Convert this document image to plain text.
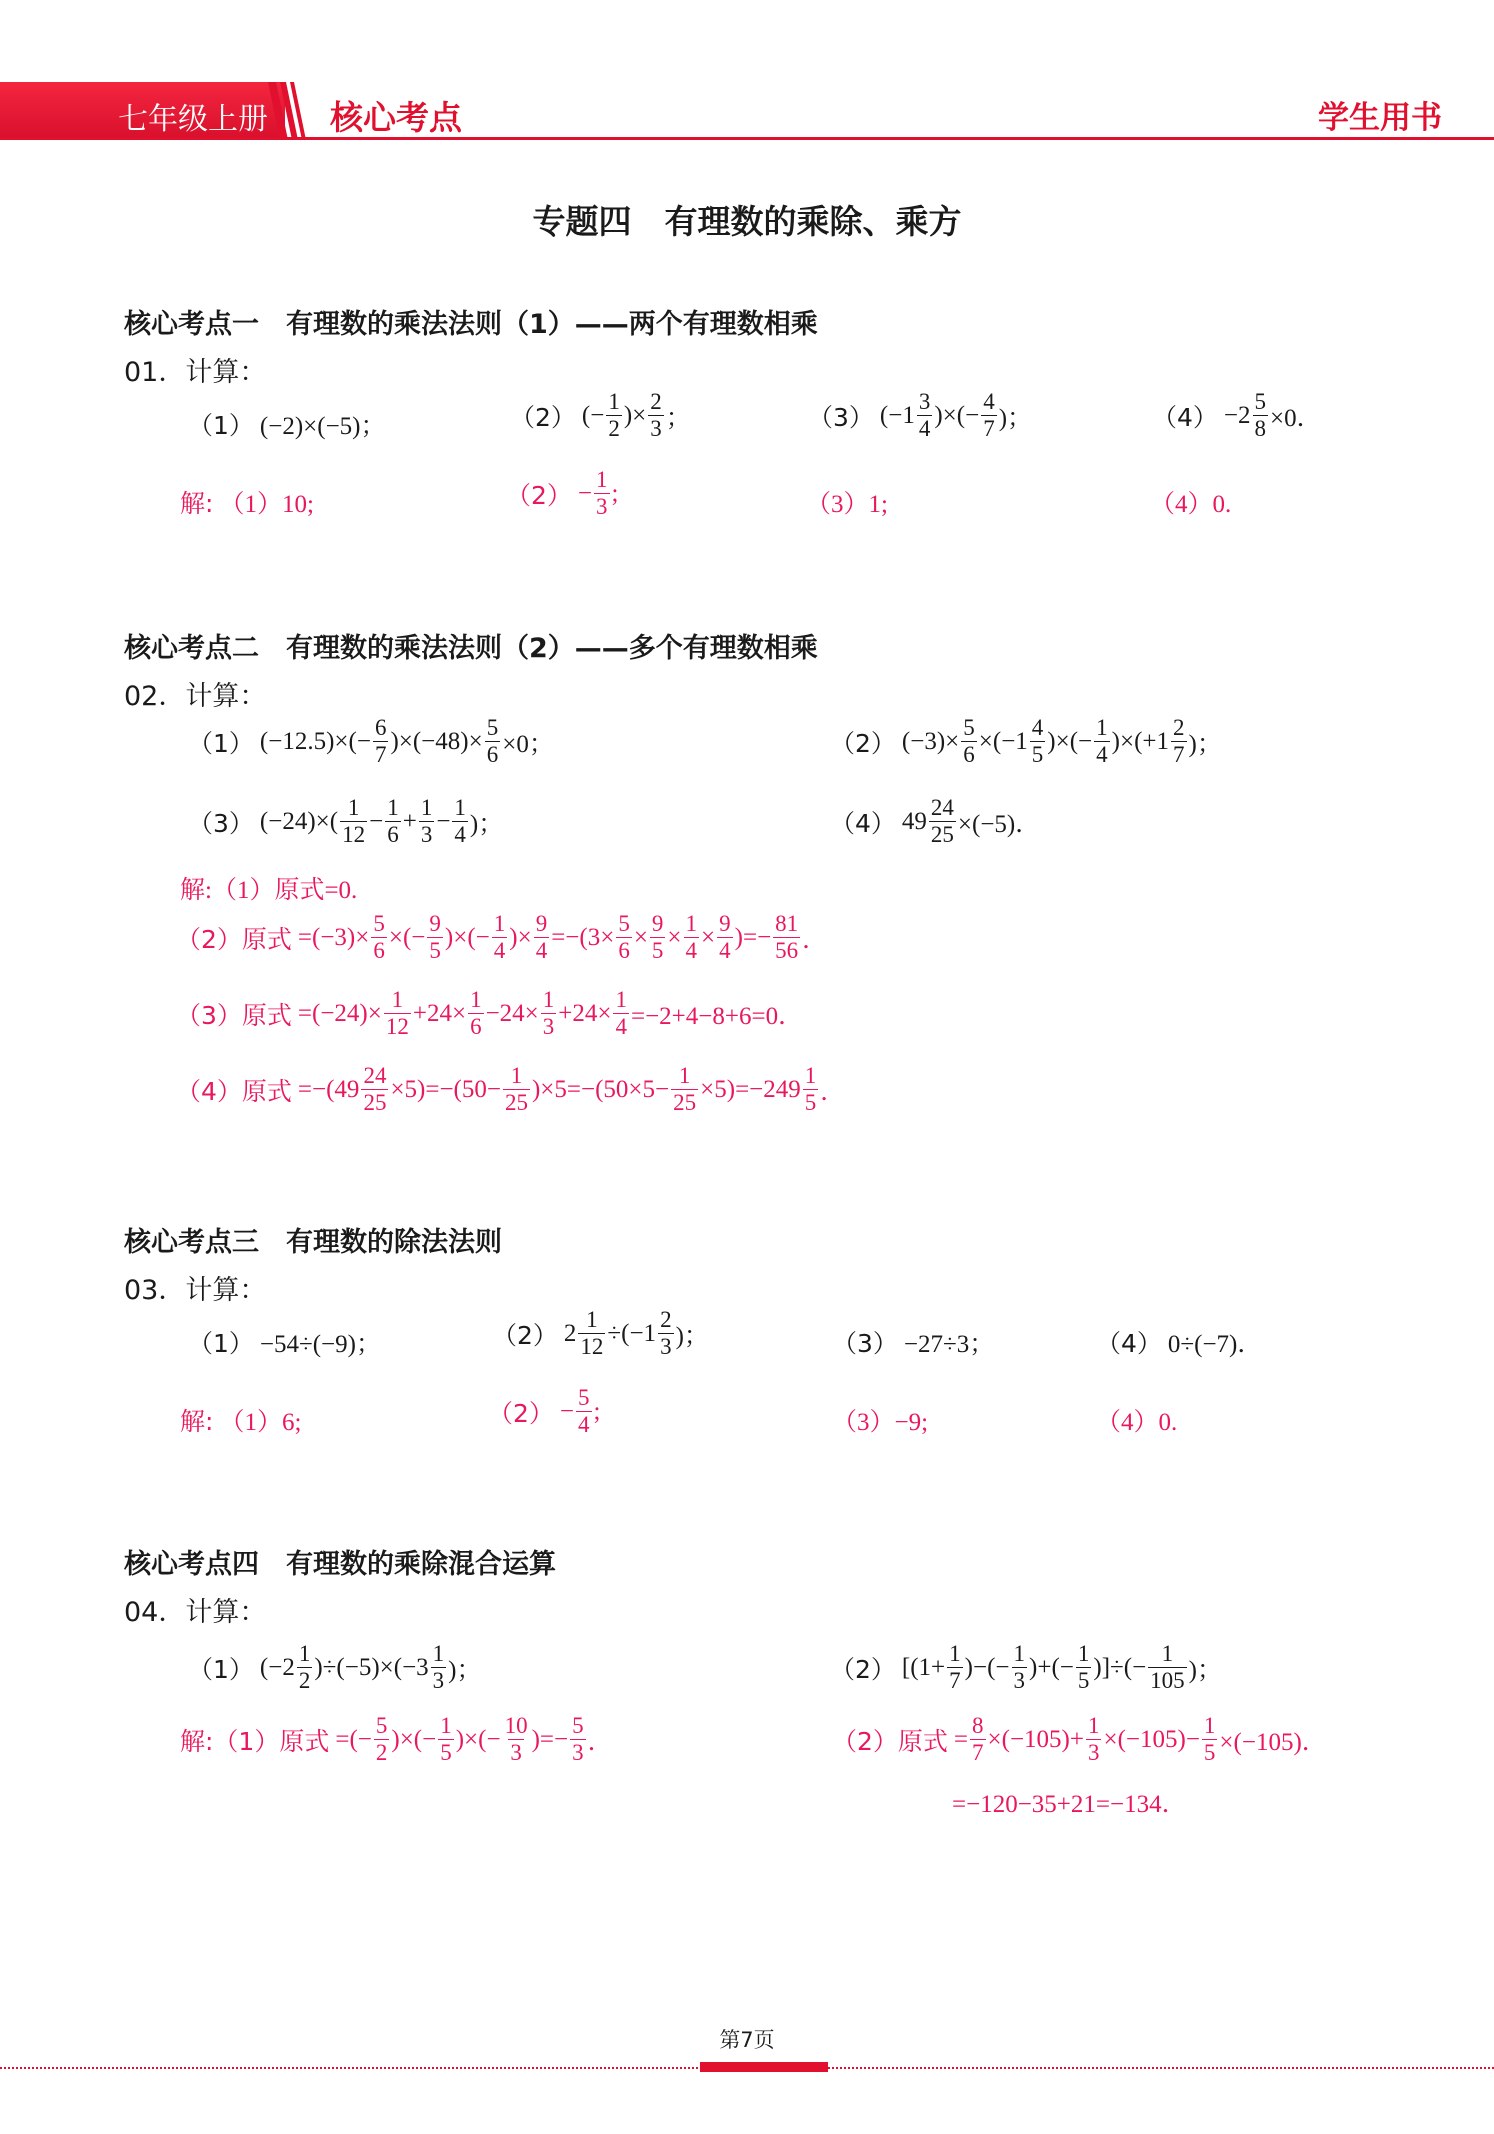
七年级上册 核心考点	学生用书
专题四　有理数的乘除、乘方
核心考点一　有理数的乘法法则（1）——两个有理数相乘
01．计算：
（1） (−2)×(−5)；	（2） (−
1
2 )×
2
3 ；	（3） (−1
3
4 )×(−
4
7 )；	（4） −2
5
8 ×0．
解: （1）10;	（2） −
1
3 ;	（3）1;	（4）0.
核心考点二　有理数的乘法法则（2）——多个有理数相乘
02．计算：
（1） (−12.5)×(−
6
7 )×(−48)×
5
6 ×0；	（2） (−3)×
5
6 ×(−1
4
5 )×(−
1
4 )×(+1
2
7 )；
（3） (−24)×(
1
12 −
1
6 +
1
3 −
1
4 )；	（4） 49
24
25 ×(−5)．
解:（1）原式=0.
（2）原式 =(−3)×
5
6 ×(−
9
5 )×(−
1
4 )×
9
4 =−(3×
5
6 ×
9
5 ×
1
4 ×
9
4 )=−
81
56 ．
（3）原式 =(−24)×
1
12 +24×
1
6 −24×
1
3 +24×
1
4 =−2+4−8+6=0．
（4）原式 =−(49
24
25 ×5)=−(50−
1
25 )×5=−(50×5−
1
25 ×5)=−249
1
5 ．
核心考点三　有理数的除法法则
03．计算：
（1） −54÷(−9)；	（2） 2
1
12 ÷(−1
2
3 )；	（3） −27÷3；	（4） 0÷(−7)．
解: （1）6;	（2） −
5
4 ;	（3）−9;	（4）0.
核心考点四　有理数的乘除混合运算
04．计算：
（1） (−2
1
2 )÷(−5)×(−3
1
3 )；	（2） [(1+
1
7 )−(−
1
3 )+(−
1
5 )]÷(−
1
105 )；
解:（1）原式 =(−
5
2 )×(−
1
5 )×(−
10
3 )=−
5
3 ．	（2）原式 =
8
7 ×(−105)+
1
3 ×(−105)−
1
5 ×(−105)．
=−120−35+21=−134．
第7页
